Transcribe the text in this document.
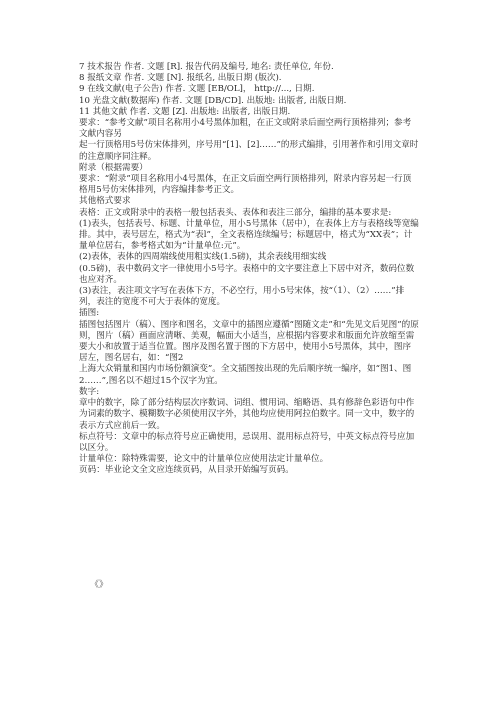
7 技术报告 作者. 文题 [R]. 报告代码及编号, 地名: 责任单位, 年份.

8 报纸文章 作者. 文题 [N]. 报纸名, 出版日期 (版次).

9 在线文献(电子公告) 作者. 文题 [EB/OL]， http://..., 日期.

10 光盘文献(数据库) 作者. 文题 [DB/CD]. 出版地: 出版者, 出版日期.

11 其他文献 作者. 文题 [Z]. 出版地: 出版者, 出版日期.

要求：“参考文献”项目名称用小4号黑体加粗，在正文或附录后面空两行顶格排列；参考文献内容另

起一行顶格用5号仿宋体排列，序号用“[1]、[2]……”的形式编排，引用著作和引用文章时的注意顺序同注释。

附录（根据需要）

要求：“附录”项目名称用小4号黑体，在正文后面空两行顶格排列，附录内容另起一行顶格用5号仿宋体排列，内容编排参考正文。

其他格式要求

表格：正文或附录中的表格一般包括表头、表体和表注三部分，编排的基本要求是:

(1)表头，包括表号、标题、计量单位，用小5号黑体（居中），在表体上方与表格线等宽编排。其中，表号居左，格式为“表l”，全文表格连续编号；标题居中，格式为“XX表”；计量单位居右，参考格式如为“计量单位:元”。

(2)表体，表体的四周端线使用粗实线(1.5磅)，其余表线用细实线

(0.5磅)，表中数码文字一律使用小5号字。表格中的文字要注意上下居中对齐，数码位数也应对齐。

(3)表注，表注项文字写在表体下方，不必空行，用小5号宋体，按“（1）、（2）……”排列，表注的宽度不可大于表体的宽度。

插图:

插图包括图片（稿）、图序和图名，文章中的插图应遵循“图随文走”和“先见文后见图”的原则，图片（稿）画面应清晰、美观，幅面大小适当，应根据内容要求和版面允许放缩至需要大小和放置于适当位置。图序及图名置于图的下方居中，使用小5号黑体，其中，图序居左，图名居右，如：“图2

上海大众销量和国内市场份额演变”。全文插图按出现的先后顺序统一编序，如“图1、图2……”,图名以不超过15个汉字为宜。

数字:

章中的数字，除了部分结构层次序数词、词组、惯用词、缩略语、具有修辞色彩语句中作为词素的数字、模糊数字必须使用汉字外，其他均应使用阿拉伯数字。同一文中，数字的表示方式应前后一致。

标点符号：文章中的标点符号应正确使用，忌误用、混用标点符号，中英文标点符号应加以区分。

计量单位：除特殊需要，论文中的计量单位应使用法定计量单位。

页码：毕业论文全文应连续页码，从目录开始编写页码。

《》
